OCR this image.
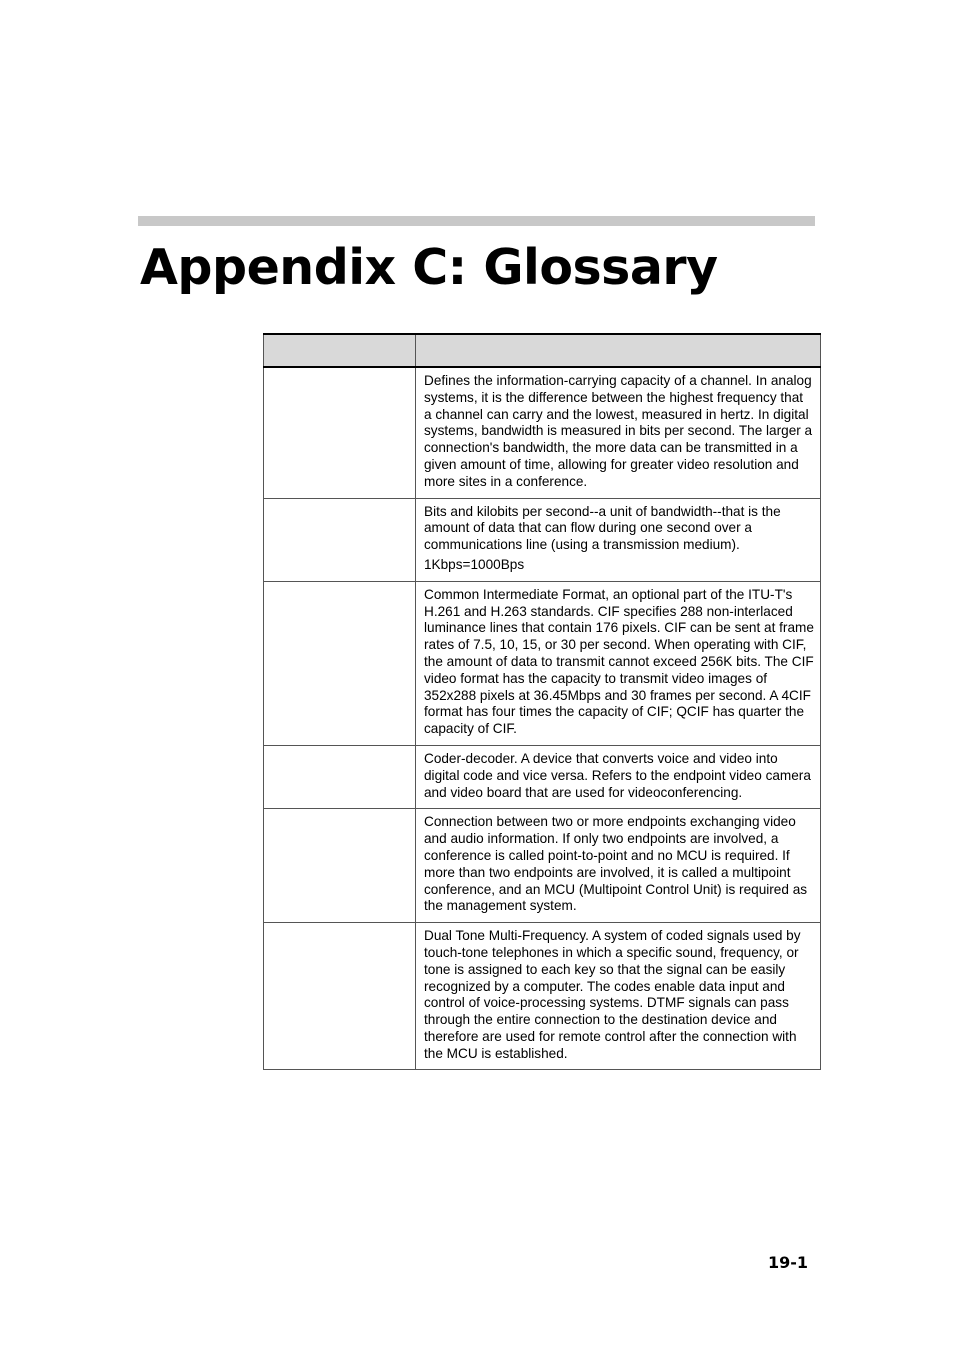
Appendix C: Glossary

	Defines the information-carrying capacity of a channel. In analog systems, it is the difference between the highest frequency that a channel can carry and the lowest, measured in hertz. In digital systems, bandwidth is measured in bits per second. The larger a connection's bandwidth, the more data can be transmitted in a given amount of time, allowing for greater video resolution and more sites in a conference.

	Bits and kilobits per second--a unit of bandwidth--that is the amount of data that can flow during one second over a communications line (using a transmission medium).

1Kbps=1000Bps

	Common Intermediate Format, an optional part of the ITU-T's H.261 and H.263 standards. CIF specifies 288 non-interlaced luminance lines that contain 176 pixels. CIF can be sent at frame rates of 7.5, 10, 15, or 30 per second. When operating with CIF, the amount of data to transmit cannot exceed 256K bits. The CIF video format has the capacity to transmit video images of 352x288 pixels at 36.45Mbps and 30 frames per second. A 4CIF format has four times the capacity of CIF; QCIF has quarter the capacity of CIF.

	Coder-decoder. A device that converts voice and video into digital code and vice versa. Refers to the endpoint video camera and video board that are used for videoconferencing.

	Connection between two or more endpoints exchanging video and audio information. If only two endpoints are involved, a conference is called point-to-point and no MCU is required. If more than two endpoints are involved, it is called a multipoint conference, and an MCU (Multipoint Control Unit) is required as the management system.

	Dual Tone Multi-Frequency. A system of coded signals used by touch-tone telephones in which a specific sound, frequency, or tone is assigned to each key so that the signal can be easily recognized by a computer. The codes enable data input and control of voice-processing systems. DTMF signals can pass through the entire connection to the destination device and therefore are used for remote control after the connection with the MCU is established.

19-1
